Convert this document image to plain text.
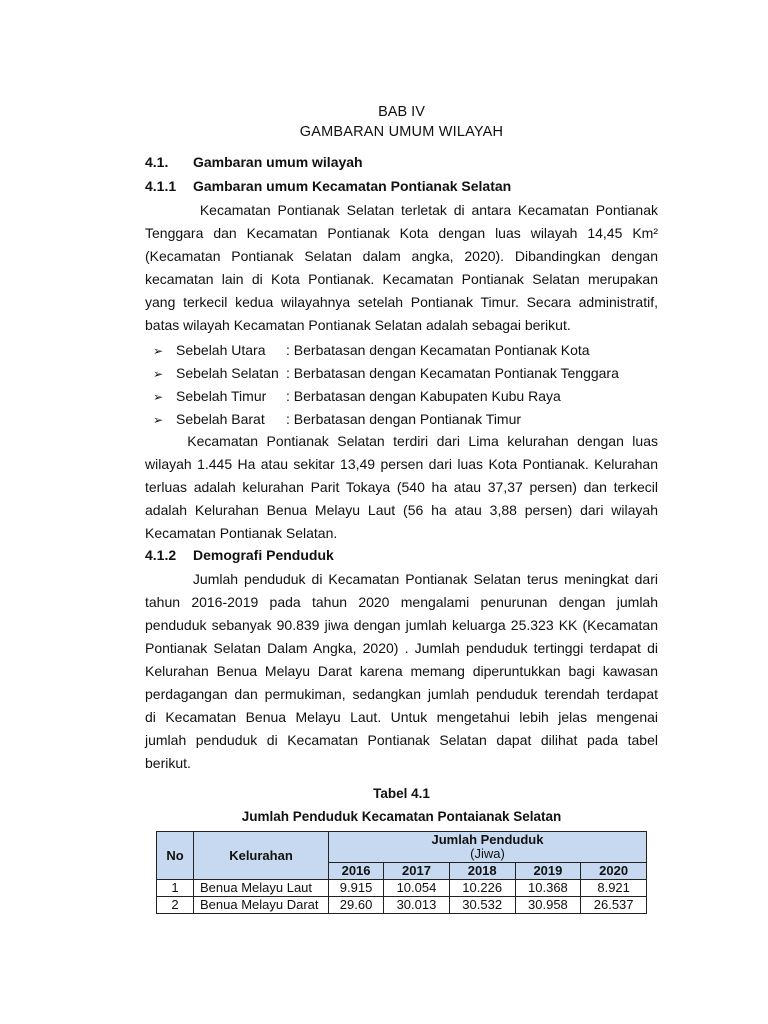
BAB IV
GAMBARAN UMUM WILAYAH
4.1. Gambaran umum wilayah
4.1.1 Gambaran umum Kecamatan Pontianak Selatan
Kecamatan Pontianak Selatan terletak di antara Kecamatan Pontianak
Tenggara dan Kecamatan Pontianak Kota dengan luas wilayah 14,45 Km²
(Kecamatan Pontianak Selatan dalam angka, 2020). Dibandingkan dengan
kecamatan lain di Kota Pontianak. Kecamatan Pontianak Selatan merupakan
yang terkecil kedua wilayahnya setelah Pontianak Timur. Secara administratif,
batas wilayah Kecamatan Pontianak Selatan adalah sebagai berikut.
➢ Sebelah Utara : Berbatasan dengan Kecamatan Pontianak Kota
➢ Sebelah Selatan : Berbatasan dengan Kecamatan Pontianak Tenggara
➢ Sebelah Timur : Berbatasan dengan Kabupaten Kubu Raya
➢ Sebelah Barat : Berbatasan dengan Pontianak Timur
Kecamatan Pontianak Selatan terdiri dari Lima kelurahan dengan luas
wilayah 1.445 Ha atau sekitar 13,49 persen dari luas Kota Pontianak. Kelurahan
terluas adalah kelurahan Parit Tokaya (540 ha atau 37,37 persen) dan terkecil
adalah Kelurahan Benua Melayu Laut (56 ha atau 3,88 persen) dari wilayah
Kecamatan Pontianak Selatan.
4.1.2 Demografi Penduduk
Jumlah penduduk di Kecamatan Pontianak Selatan terus meningkat dari
tahun 2016-2019 pada tahun 2020 mengalami penurunan dengan jumlah
penduduk sebanyak 90.839 jiwa dengan jumlah keluarga 25.323 KK (Kecamatan
Pontianak Selatan Dalam Angka, 2020) . Jumlah penduduk tertinggi terdapat di
Kelurahan Benua Melayu Darat karena memang diperuntukkan bagi kawasan
perdagangan dan permukiman, sedangkan jumlah penduduk terendah terdapat
di Kecamatan Benua Melayu Laut. Untuk mengetahui lebih jelas mengenai
jumlah penduduk di Kecamatan Pontianak Selatan dapat dilihat pada tabel
berikut.
Tabel 4.1
Jumlah Penduduk Kecamatan Pontaianak Selatan
No	Kelurahan	Jumlah Penduduk
(Jiwa)				

		2016	2017	2018	2019	2020
1	Benua Melayu Laut	9.915	10.054	10.226	10.368	8.921
2	Benua Melayu Darat	29.60	30.013	30.532	30.958	26.537
